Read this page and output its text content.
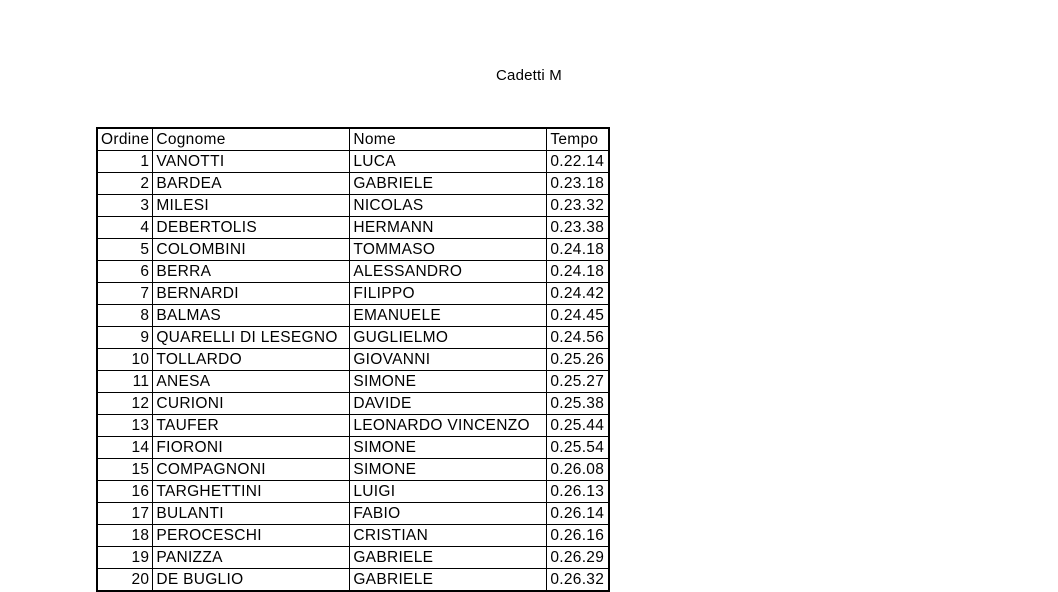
Cadetti M
Ordine	Cognome	Nome	Tempo
1	VANOTTI	LUCA	0.22.14
2	BARDEA	GABRIELE	0.23.18
3	MILESI	NICOLAS	0.23.32
4	DEBERTOLIS	HERMANN	0.23.38
5	COLOMBINI	TOMMASO	0.24.18
6	BERRA	ALESSANDRO	0.24.18
7	BERNARDI	FILIPPO	0.24.42
8	BALMAS	EMANUELE	0.24.45
9	QUARELLI DI LESEGNO	GUGLIELMO	0.24.56
10	TOLLARDO	GIOVANNI	0.25.26
11	ANESA	SIMONE	0.25.27
12	CURIONI	DAVIDE	0.25.38
13	TAUFER	LEONARDO VINCENZO	0.25.44
14	FIORONI	SIMONE	0.25.54
15	COMPAGNONI	SIMONE	0.26.08
16	TARGHETTINI	LUIGI	0.26.13
17	BULANTI	FABIO	0.26.14
18	PEROCESCHI	CRISTIAN	0.26.16
19	PANIZZA	GABRIELE	0.26.29
20	DE BUGLIO	GABRIELE	0.26.32
